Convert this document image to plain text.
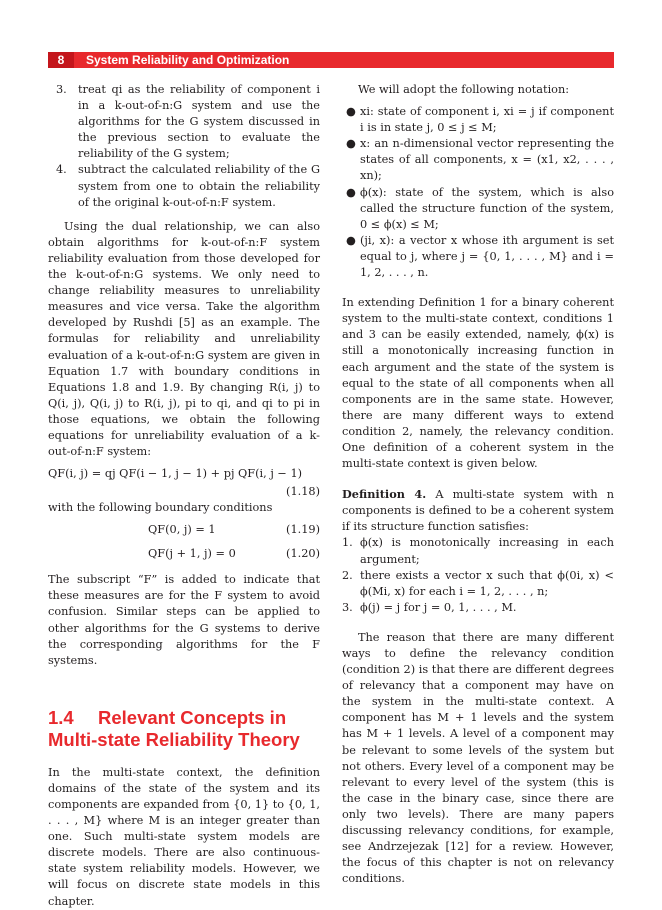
8	System Reliability and Optimization
3. treat qi as the reliability of component i in a k-out-of-n:G system and use the algorithms for the G system discussed in the previous section to evaluate the reliability of the G system;
4. subtract the calculated reliability of the G system from one to obtain the reliability of the original k-out-of-n:F system.

Using the dual relationship, we can also obtain algorithms for k-out-of-n:F system reliability evaluation from those developed for the k-out-of-n:G systems. We only need to change reliability measures to unreliability measures and vice versa. Take the algorithm developed by Rushdi [5] as an example. The formulas for reliability and unreliability evaluation of a k-out-of-n:G system are given in Equation 1.7 with boundary conditions in Equations 1.8 and 1.9. By changing R(i, j) to Q(i, j), Q(i, j) to R(i, j), pi to qi, and qi to pi in those equations, we obtain the following equations for unreliability evaluation of a k-out-of-n:F system:

QF(i, j) = qj QF(i − 1, j − 1) + pj QF(i, j − 1)
(1.18)

with the following boundary conditions

QF(0, j) = 1	(1.19)
QF(j + 1, j) = 0	(1.20)

The subscript “F” is added to indicate that these measures are for the F system to avoid confusion. Similar steps can be applied to other algorithms for the G systems to derive the corresponding algorithms for the F systems.

1.4 Relevant Concepts in Multi-state Reliability Theory

In the multi-state context, the definition domains of the state of the system and its components are expanded from {0, 1} to {0, 1, . . . , M} where M is an integer greater than one. Such multi-state system models are discrete models. There are also continuous-state system reliability models. However, we will focus on discrete state models in this chapter.

We will adopt the following notation:

● xi: state of component i, xi = j if component i is in state j, 0 ≤ j ≤ M;
● x: an n-dimensional vector representing the states of all components, x = (x1, x2, . . . , xn);
● ϕ(x): state of the system, which is also called the structure function of the system, 0 ≤ ϕ(x) ≤ M;
● (ji, x): a vector x whose ith argument is set equal to j, where j = {0, 1, . . . , M} and i = 1, 2, . . . , n.

In extending Definition 1 for a binary coherent system to the multi-state context, conditions 1 and 3 can be easily extended, namely, ϕ(x) is still a monotonically increasing function in each argument and the state of the system is equal to the state of all components when all components are in the same state. However, there are many different ways to extend condition 2, namely, the relevancy condition. One definition of a coherent system in the multi-state context is given below.

Definition 4. A multi-state system with n components is defined to be a coherent system if its structure function satisfies:

1. ϕ(x) is monotonically increasing in each argument;
2. there exists a vector x such that ϕ(0i, x) < ϕ(Mi, x) for each i = 1, 2, . . . , n;
3. ϕ(j) = j for j = 0, 1, . . . , M.

The reason that there are many different ways to define the relevancy condition (condition 2) is that there are different degrees of relevancy that a component may have on the system in the multi-state context. A component has M + 1 levels and the system has M + 1 levels. A level of a component may be relevant to some levels of the system but not others. Every level of a component may be relevant to every level of the system (this is the case in the binary case, since there are only two levels). There are many papers discussing relevancy conditions, for example, see Andrzejezak [12] for a review. However, the focus of this chapter is not on relevancy conditions.
